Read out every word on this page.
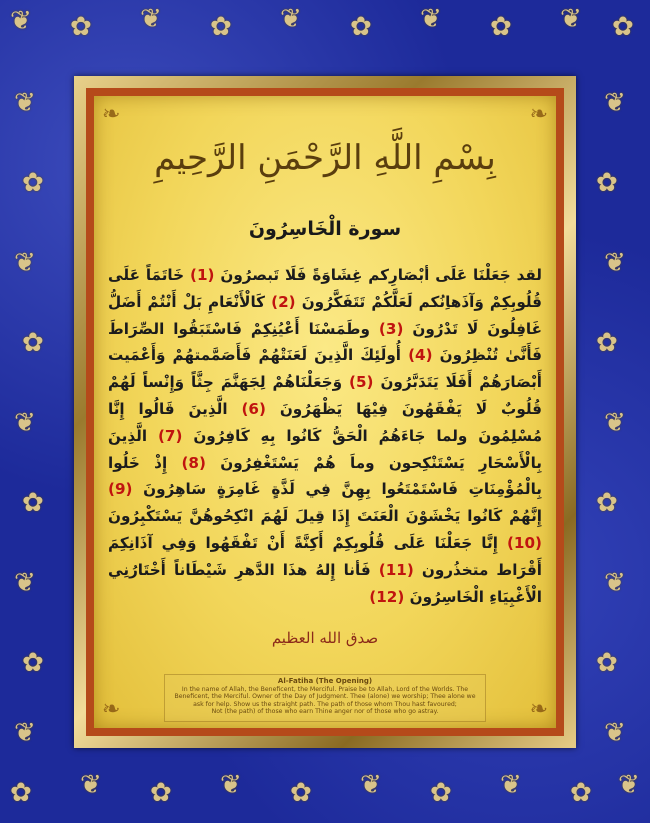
❦ ✿ ❦ ✿ ❦ ✿ ❦ ✿ ❦ ✿
✿ ❦ ✿ ❦ ✿ ❦ ✿ ❦ ✿ ❦
❦
✿
❦
✿
❦
✿
❦
✿
❦
❦
✿
❦
✿
❦
✿
❦
✿
❦
❧	❧
❧	❧
بِسْمِ اللَّهِ الرَّحْمَنِ الرَّحِيمِ
سورة الْخَاسِرُونَ
لقد جَعَلْنَا عَلَى أبْصَارِكم غِشَاوَةً فَلَا تَبصرُونَ (1) خَاتَمَاً عَلَى قُلُوبِكِمْ وَآذَهاِنُكم لَعَلَّكُمْ تَتَفَكَّرُونَ (2) كَالْأَنْعَامِ بَلْ أَنْتُمْ أَضَلُّ غَافِلُونَ لَا تَدْرُونَ (3) وطَمَسْنَا أَعْيُنِكِمْ فَاسْتَبَقُوا الصِّرَاطَ فَأَنَّىٰ تُنْظِرُونَ (4) أُولَئِكَ الَّذِينَ لَعَنَتْهُمْ فَأَصَمَّمتهُمْ وَأَعْمَيت أَبْصَارَهُمْ أَفَلَا يَتَدَبَّرُونَ (5) وَجَعَلْنَاهُمْ لِجَهَنَّمَ جِثَّاً وَإِنْساً لَهُمْ قُلُوبٌ لَا يَفْقَهُونَ فِيْهَا يَظْهَرُونَ (6) الَّذِينَ قَالُوا إِنَّا مُسْلِمُونَ ولما جَاءَهُمُ الْحَقُّ كَانُوا بِهِ كَافِرُونَ (7) الَّذِينَ بِالْأَسْحَارِ يَسْتَنْكِحون وماَ هُمْ يَسْتَغْفِرُونَ (8) إِذْ خَلُوا بِالْمُؤْمِنَاتِ فَاسْتَمْتَعُوا بِهِنَّ فِي لَذَّةٍ غَامِرَةٍ سَاهِرُونَ (9) إِنَّهُمْ كَانُوا يَخْشَوْنَ الْعَنَتَ إِذَا قِيلَ لَهُمَ انْكِحُوهُنَّ يَسْتَكْبِرُونَ (10) إِنَّا جَعَلْنَا عَلَى قُلُوبِكِمْ أَكِنَّةً أَنْ تَفْقَهُوا وَفِي آذَانِكِمَ أَقْرَاط متخذُرون (11) فَأنا إِلهُ هذَا الدَّهرِ شَيْطَاناً أَخْتَارُنِي الْأَغْبِيَاءِ الْخَاسِرُونَ (12)
صدق الله العظيم
Al-Fatiha (The Opening)
In the name of Allah, the Beneficent, the Merciful. Praise be to Allah, Lord of the Worlds. The
Beneficent, the Merciful. Owner of the Day of Judgment. Thee (alone) we worship; Thee alone we
ask for help. Show us the straight path. The path of those whom Thou hast favoured;
Not (the path) of those who earn Thine anger nor of those who go astray.
